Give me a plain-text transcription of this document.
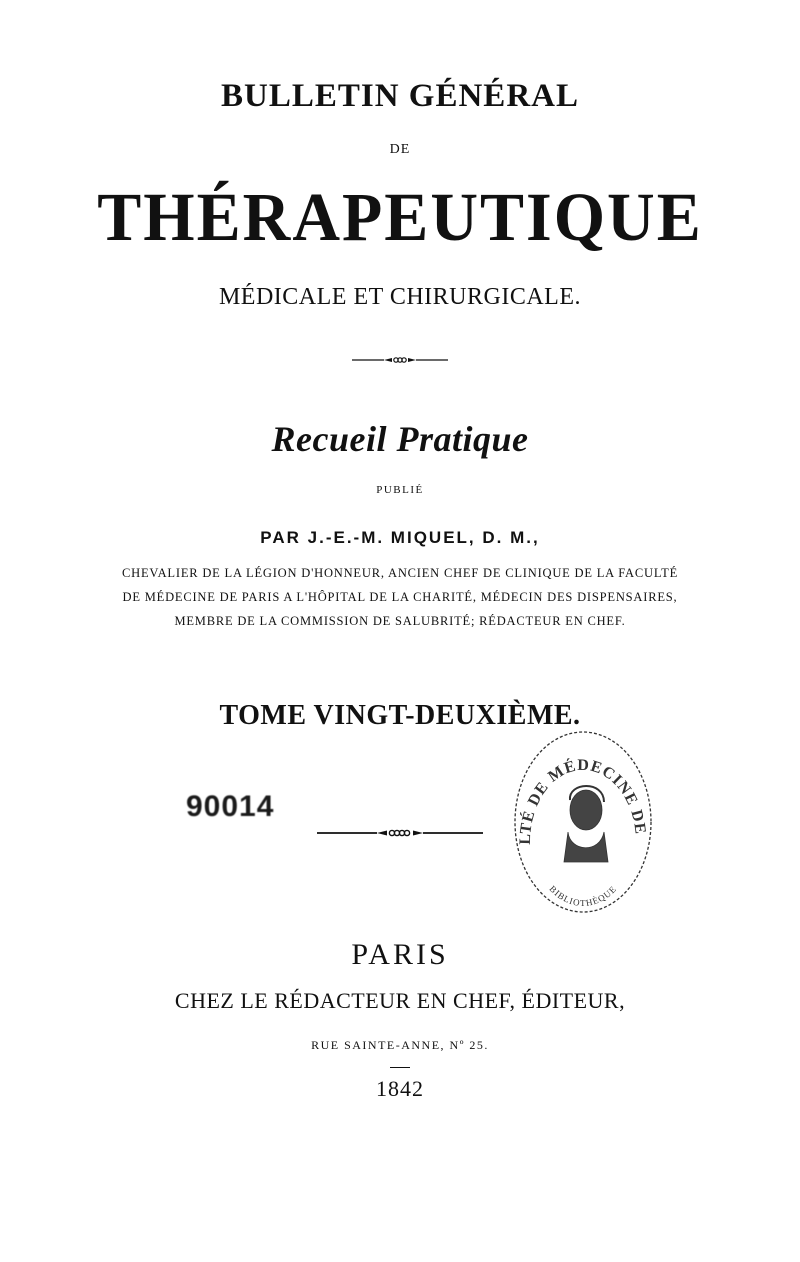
BULLETIN GÉNÉRAL
DE
THÉRAPEUTIQUE
MÉDICALE ET CHIRURGICALE.
Recueil Pratique
PUBLIÉ
PAR J.-E.-M. MIQUEL, D. M.,
CHEVALIER DE LA LÉGION D'HONNEUR, ANCIEN CHEF DE CLINIQUE DE LA FACULTÉ
DE MÉDECINE DE PARIS A L'HÔPITAL DE LA CHARITÉ, MÉDECIN DES DISPENSAIRES,
MEMBRE DE LA COMMISSION DE SALUBRITÉ; RÉDACTEUR EN CHEF.
TOME VINGT-DEUXIÈME.
90014
LTÉ DE MÉDECINE DE
BIBLIOTHÈQUE
PARIS
CHEZ LE RÉDACTEUR EN CHEF, ÉDITEUR,
RUE SAINTE-ANNE, Nº 25.
1842
